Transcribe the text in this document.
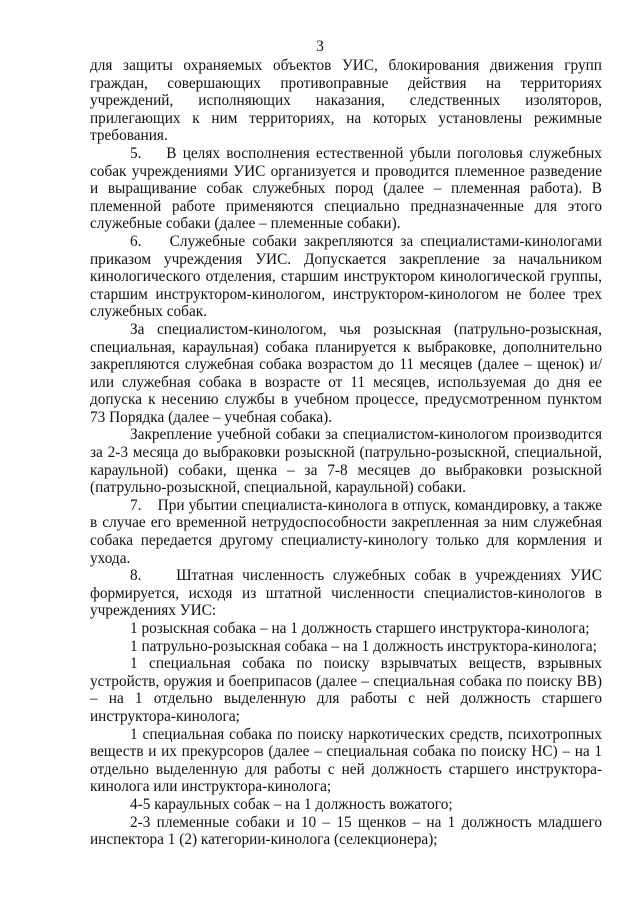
3

для защиты охраняемых объектов УИС, блокирования движения групп граждан, совершающих противоправные действия на территориях учреждений, исполняющих наказания, следственных изоляторов, прилегающих к ним территориях, на которых установлены режимные требования.

5.    В целях восполнения естественной убыли поголовья служебных собак учреждениями УИС организуется и проводится племенное разведение и выращивание собак служебных пород (далее – племенная работа). В племенной работе применяются специально предназначенные для этого служебные собаки (далее – племенные собаки).

6.    Служебные собаки закрепляются за специалистами-кинологами приказом учреждения УИС. Допускается закрепление за начальником кинологического отделения, старшим инструктором кинологической группы, старшим инструктором-кинологом, инструктором-кинологом не более трех служебных собак.

За специалистом-кинологом, чья розыскная (патрульно-розыскная, специальная, караульная) собака планируется к выбраковке, дополнительно закрепляются служебная собака возрастом до 11 месяцев (далее – щенок) и/или служебная собака в возрасте от 11 месяцев, используемая до дня ее допуска к несению службы в учебном процессе, предусмотренном пунктом 73 Порядка (далее – учебная собака).

Закрепление учебной собаки за специалистом-кинологом производится за 2-3 месяца до выбраковки розыскной (патрульно-розыскной, специальной, караульной) собаки, щенка – за 7-8 месяцев до выбраковки розыскной (патрульно-розыскной, специальной, караульной) собаки.

7.    При убытии специалиста-кинолога в отпуск, командировку, а также в случае его временной нетрудоспособности закрепленная за ним служебная собака передается другому специалисту-кинологу только для кормления и ухода.

8.    Штатная численность служебных собак в учреждениях УИС формируется, исходя из штатной численности специалистов-кинологов в учреждениях УИС:

1 розыскная собака – на 1 должность старшего инструктора-кинолога;

1 патрульно-розыскная собака – на 1 должность инструктора-кинолога;

1 специальная собака по поиску взрывчатых веществ, взрывных устройств, оружия и боеприпасов (далее – специальная собака по поиску ВВ) – на 1 отдельно выделенную для работы с ней должность старшего инструктора-кинолога;

1 специальная собака по поиску наркотических средств, психотропных веществ и их прекурсоров (далее – специальная собака по поиску НС) – на 1 отдельно выделенную для работы с ней должность старшего инструктора-кинолога или инструктора-кинолога;

4-5 караульных собак – на 1 должность вожатого;

2-3 племенные собаки и 10 – 15 щенков – на 1 должность младшего инспектора 1 (2) категории-кинолога (селекционера);
